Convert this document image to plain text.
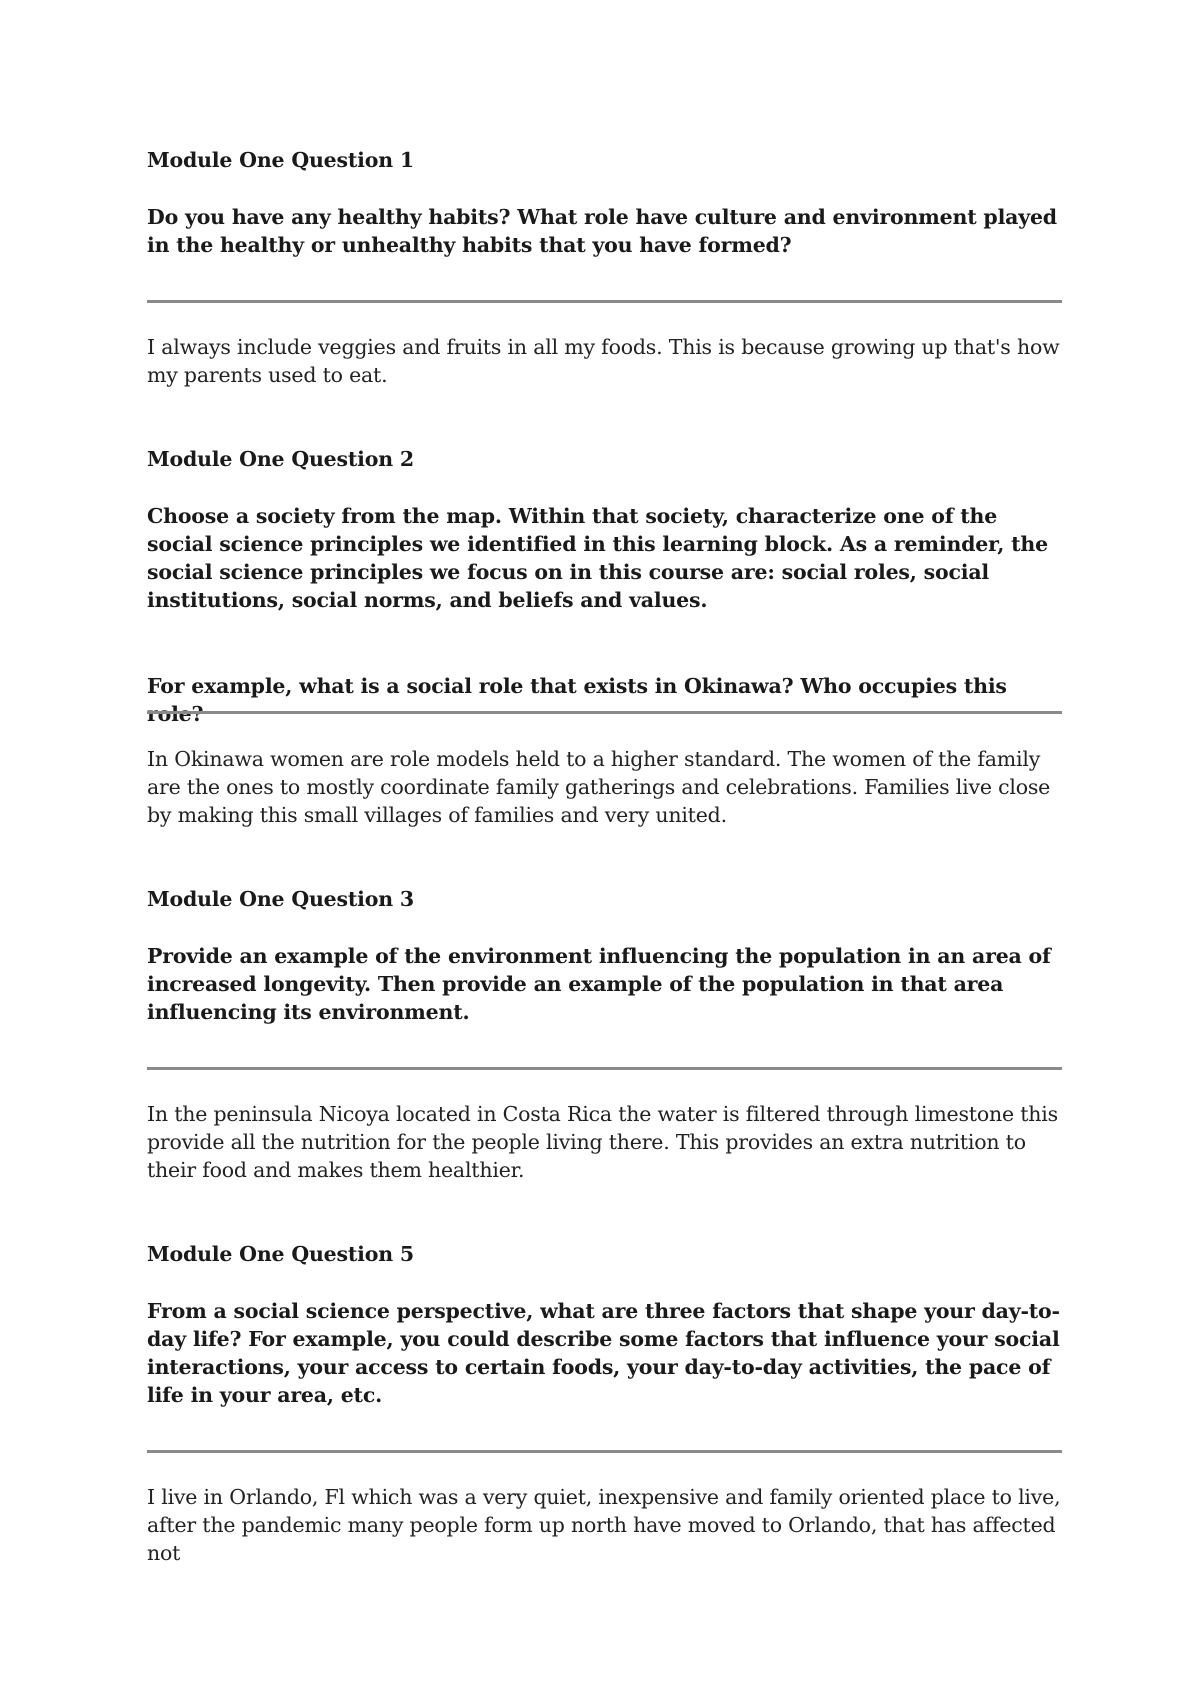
Module One Question 1
Do you have any healthy habits? What role have culture and environment played in the healthy or unhealthy habits that you have formed?
I always include veggies and fruits in all my foods. This is because growing up that's how my parents used to eat.
Module One Question 2
Choose a society from the map. Within that society, characterize one of the social science principles we identified in this learning block. As a reminder, the social science principles we focus on in this course are: social roles, social institutions, social norms, and beliefs and values.
For example, what is a social role that exists in Okinawa? Who occupies this role?
In Okinawa women are role models held to a higher standard. The women of the family are the ones to mostly coordinate family gatherings and celebrations. Families live close by making this small villages of families and very united.
Module One Question 3
Provide an example of the environment influencing the population in an area of increased longevity. Then provide an example of the population in that area influencing its environment.
In the peninsula Nicoya located in Costa Rica the water is filtered through limestone this provide all the nutrition for the people living there. This provides an extra nutrition to their food and makes them healthier.
Module One Question 5
From a social science perspective, what are three factors that shape your day-to-day life? For example, you could describe some factors that influence your social interactions, your access to certain foods, your day-to-day activities, the pace of life in your area, etc.
I live in Orlando, Fl which was a very quiet, inexpensive and family oriented place to live, after the pandemic many people form up north have moved to Orlando, that has affected not
